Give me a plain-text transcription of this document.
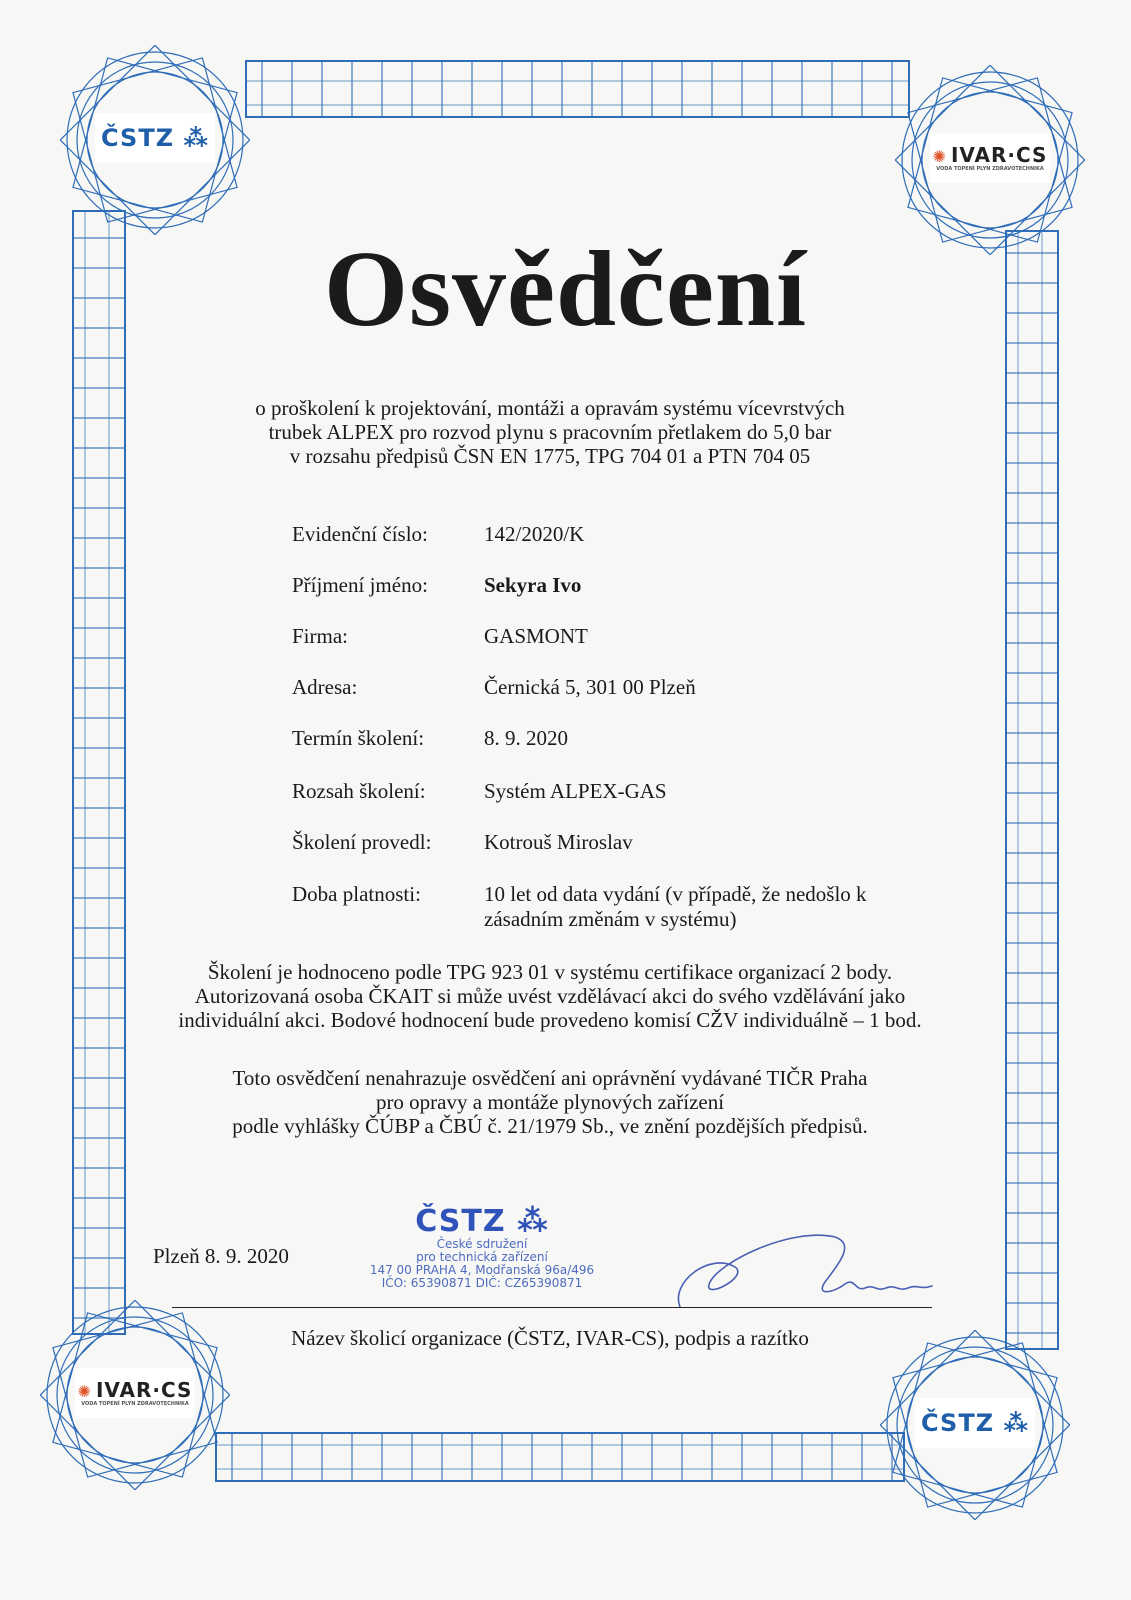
ČSTZ ⁂
✺ IVAR·CS
VODA TOPENÍ PLYN ZDRAVOTECHNIKA
✺ IVAR·CS
VODA TOPENÍ PLYN ZDRAVOTECHNIKA
ČSTZ ⁂
Osvědčení
o proškolení k projektování, montáži a opravám systému vícevrstvých
trubek ALPEX pro rozvod plynu s pracovním přetlakem do 5,0 bar
v rozsahu předpisů ČSN EN 1775, TPG 704 01 a PTN 704 05
Evidenční číslo:	142/2020/K
Příjmení jméno:	Sekyra Ivo
Firma:	GASMONT
Adresa:	Černická 5, 301 00 Plzeň
Termín školení:	8. 9. 2020
Rozsah školení:	Systém ALPEX-GAS
Školení provedl:	Kotrouš Miroslav
Doba platnosti:	10 let od data vydání (v případě, že nedošlo k zásadním změnám v systému)
Školení je hodnoceno podle TPG 923 01 v systému certifikace organizací 2 body.
Autorizovaná osoba ČKAIT si může uvést vzdělávací akci do svého vzdělávání jako
individuální akci. Bodové hodnocení bude provedeno komisí CŽV individuálně – 1 bod.
Toto osvědčení nenahrazuje osvědčení ani oprávnění vydávané TIČR Praha
pro opravy a montáže plynových zařízení
podle vyhlášky ČÚBP a ČBÚ č. 21/1979 Sb., ve znění pozdějších předpisů.
Plzeň 8. 9. 2020
ČSTZ ⁂
České sdružení
pro technická zařízení
147 00 PRAHA 4, Modřanská 96a/496
IČO: 65390871 DIČ: CZ65390871
Název školicí organizace (ČSTZ, IVAR-CS), podpis a razítko
